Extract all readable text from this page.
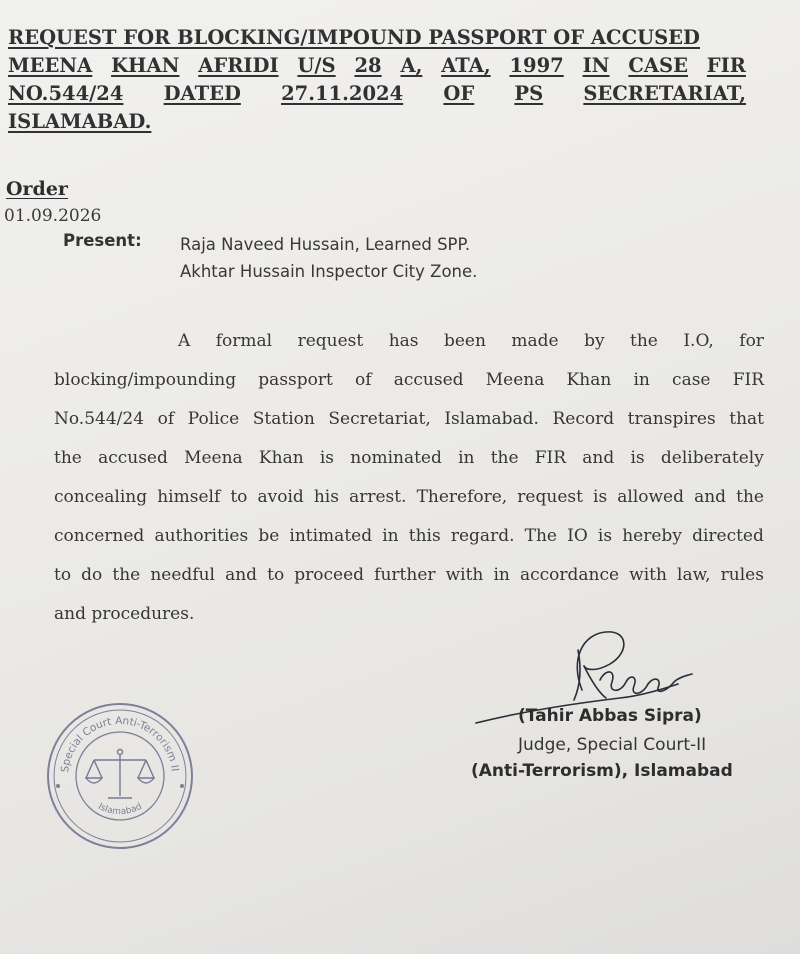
REQUEST FOR BLOCKING/IMPOUND PASSPORT OF ACCUSED
MEENA KHAN AFRIDI U/S 28 A, ATA, 1997 IN CASE FIR
NO.544/24 DATED 27.11.2024 OF PS SECRETARIAT,
ISLAMABAD.
Order
01.09.2026
Present: Raja Naveed Hussain, Learned SPP.
Akhtar Hussain Inspector City Zone.
A formal request has been made by the I.O, for
blocking/impounding passport of accused Meena Khan in case FIR
No.544/24 of Police Station Secretariat, Islamabad. Record transpires that
the accused Meena Khan is nominated in the FIR and is deliberately
concealing himself to avoid his arrest. Therefore, request is allowed and the
concerned authorities be intimated in this regard. The IO is hereby directed
to do the needful and to proceed further with in accordance with law, rules
and procedures.
(Tahir Abbas Sipra)
Judge, Special Court-II
(Anti-Terrorism), Islamabad
Special Court Anti-Terrorism II
Islamabad
